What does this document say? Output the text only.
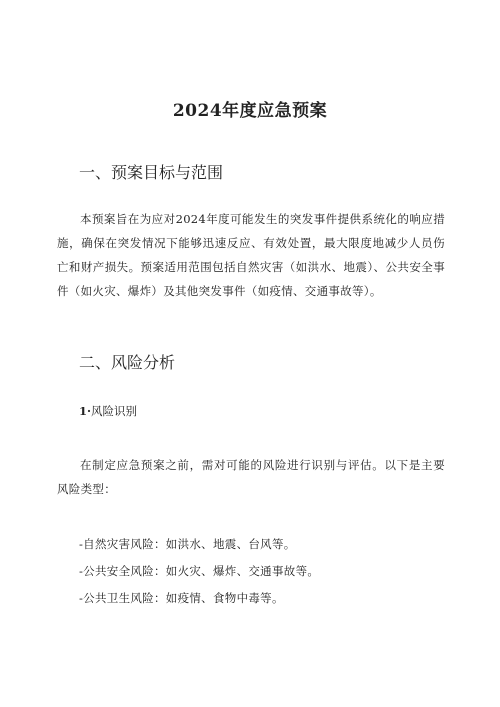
2024年度应急预案
一、预案目标与范围
本预案旨在为应对2024年度可能发生的突发事件提供系统化的响应措施，确保在突发情况下能够迅速反应、有效处置，最大限度地减少人员伤亡和财产损失。预案适用范围包括自然灾害（如洪水、地震）、公共安全事件（如火灾、爆炸）及其他突发事件（如疫情、交通事故等）。
二、风险分析
1·风险识别
在制定应急预案之前，需对可能的风险进行识别与评估。以下是主要风险类型：
-自然灾害风险：如洪水、地震、台风等。
-公共安全风险：如火灾、爆炸、交通事故等。
-公共卫生风险：如疫情、食物中毒等。
